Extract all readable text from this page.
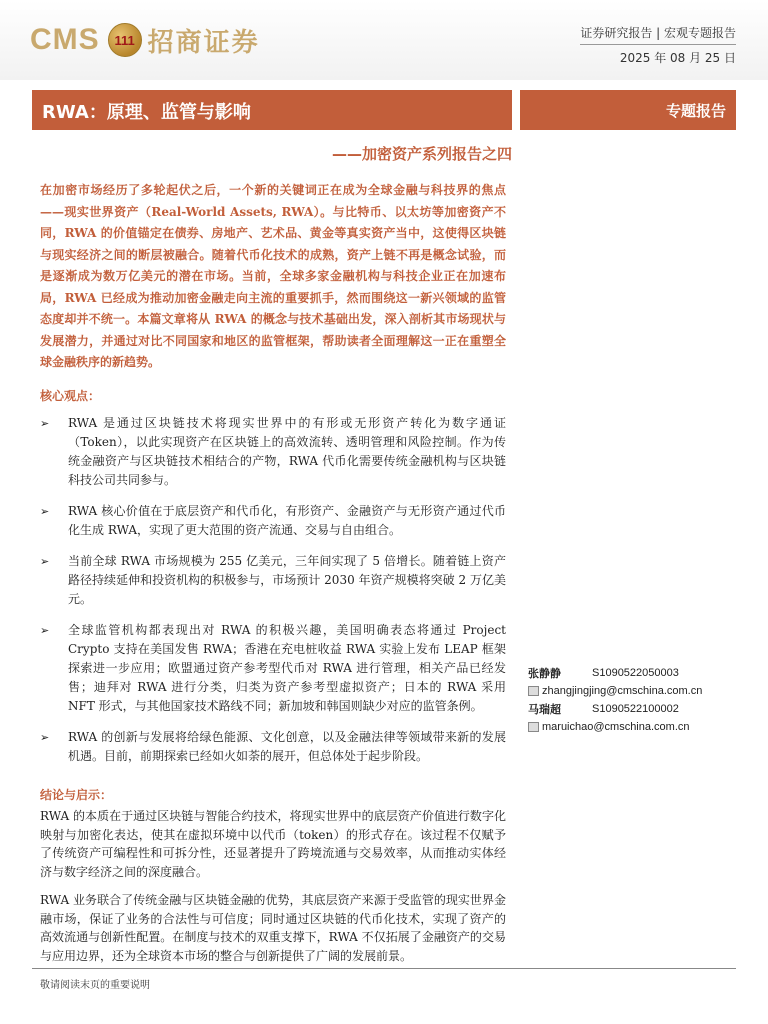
CMS	111 招商证券	证券研究报告 | 宏观专题报告
2025 年 08 月 25 日
RWA：原理、监管与影响	专题报告
——加密资产系列报告之四

在加密市场经历了多轮起伏之后，一个新的关键词正在成为全球金融与科技界的焦点——现实世界资产（Real-World Assets, RWA）。与比特币、以太坊等加密资产不同，RWA 的价值锚定在债券、房地产、艺术品、黄金等真实资产当中，这使得区块链与现实经济之间的断层被融合。随着代币化技术的成熟，资产上链不再是概念试验，而是逐渐成为数万亿美元的潜在市场。当前，全球多家金融机构与科技企业正在加速布局，RWA 已经成为推动加密金融走向主流的重要抓手，然而围绕这一新兴领域的监管态度却并不统一。本篇文章将从 RWA 的概念与技术基础出发，深入剖析其市场现状与发展潜力，并通过对比不同国家和地区的监管框架，帮助读者全面理解这一正在重塑全球金融秩序的新趋势。

核心观点：
➢	RWA 是通过区块链技术将现实世界中的有形或无形资产转化为数字通证（Token），以此实现资产在区块链上的高效流转、透明管理和风险控制。作为传统金融资产与区块链技术相结合的产物，RWA 代币化需要传统金融机构与区块链科技公司共同参与。
➢	RWA 核心价值在于底层资产和代币化，有形资产、金融资产与无形资产通过代币化生成 RWA，实现了更大范围的资产流通、交易与自由组合。
➢	当前全球 RWA 市场规模为 255 亿美元，三年间实现了 5 倍增长。随着链上资产路径持续延伸和投资机构的积极参与，市场预计 2030 年资产规模将突破 2 万亿美元。
➢	全球监管机构都表现出对 RWA 的积极兴趣，美国明确表态将通过 Project Crypto 支持在美国发售 RWA；香港在充电桩收益 RWA 实验上发布 LEAP 框架探索进一步应用；欧盟通过资产参考型代币对 RWA 进行管理，相关产品已经发售；迪拜对 RWA 进行分类，归类为资产参考型虚拟资产；日本的 RWA 采用 NFT 形式，与其他国家技术路线不同；新加坡和韩国则缺少对应的监管条例。
➢	RWA 的创新与发展将给绿色能源、文化创意，以及金融法律等领域带来新的发展机遇。目前，前期探索已经如火如荼的展开，但总体处于起步阶段。
结论与启示：

RWA 的本质在于通过区块链与智能合约技术，将现实世界中的底层资产价值进行数字化映射与加密化表达，使其在虚拟环境中以代币（token）的形式存在。该过程不仅赋予了传统资产可编程性和可拆分性，还显著提升了跨境流通与交易效率，从而推动实体经济与数字经济之间的深度融合。

RWA 业务联合了传统金融与区块链金融的优势，其底层资产来源于受监管的现实世界金融市场，保证了业务的合法性与可信度；同时通过区块链的代币化技术，实现了资产的高效流通与创新性配置。在制度与技术的双重支撑下，RWA 不仅拓展了金融资产的交易与应用边界，还为全球资本市场的整合与创新提供了广阔的发展前景。

张静静	S1090522050003
zhangjingjing@cmschina.com.cn
马瑞超	S1090522100002
maruichao@cmschina.com.cn
敬请阅读末页的重要说明
